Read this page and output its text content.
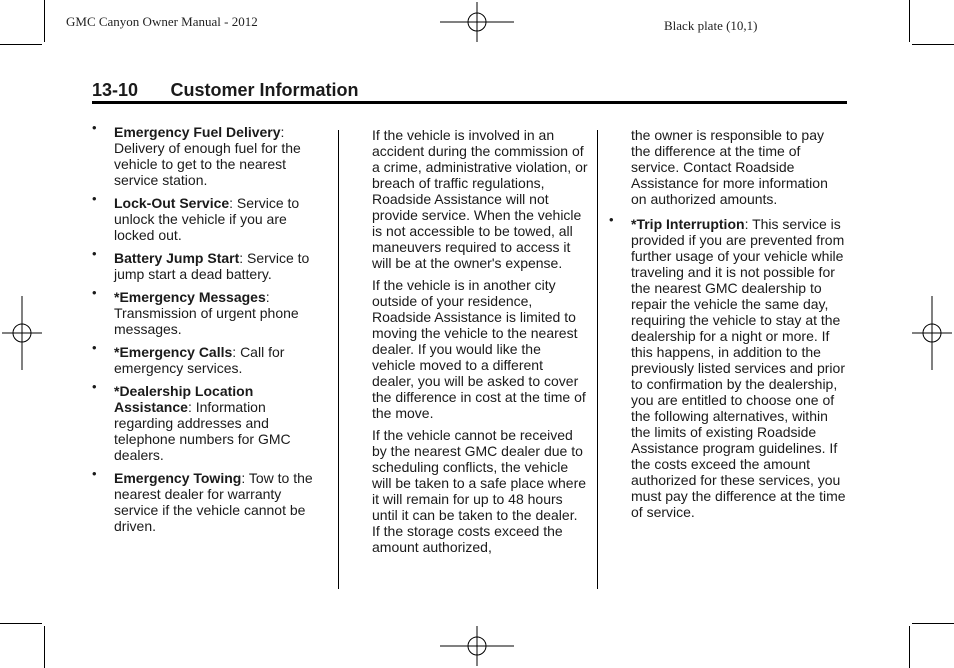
GMC Canyon Owner Manual - 2012	Black plate (10,1)
13-10 Customer Information
• Emergency Fuel Delivery: Delivery of enough fuel for the vehicle to get to the nearest service station.
• Lock-Out Service: Service to unlock the vehicle if you are locked out.
• Battery Jump Start: Service to jump start a dead battery.
• *Emergency Messages: Transmission of urgent phone messages.
• *Emergency Calls: Call for emergency services.
• *Dealership Location Assistance: Information regarding addresses and telephone numbers for GMC dealers.
• Emergency Towing: Tow to the nearest dealer for warranty service if the vehicle cannot be driven.

If the vehicle is involved in an accident during the commission of a crime, administrative violation, or breach of traffic regulations, Roadside Assistance will not provide service. When the vehicle is not accessible to be towed, all maneuvers required to access it will be at the owner's expense.

If the vehicle is in another city outside of your residence, Roadside Assistance is limited to moving the vehicle to the nearest dealer. If you would like the vehicle moved to a different dealer, you will be asked to cover the difference in cost at the time of the move.

If the vehicle cannot be received by the nearest GMC dealer due to scheduling conflicts, the vehicle will be taken to a safe place where it will remain for up to 48 hours until it can be taken to the dealer. If the storage costs exceed the amount authorized,

the owner is responsible to pay the difference at the time of service. Contact Roadside Assistance for more information on authorized amounts.

• *Trip Interruption: This service is provided if you are prevented from further usage of your vehicle while traveling and it is not possible for the nearest GMC dealership to repair the vehicle the same day, requiring the vehicle to stay at the dealership for a night or more. If this happens, in addition to the previously listed services and prior to confirmation by the dealership, you are entitled to choose one of the following alternatives, within the limits of existing Roadside Assistance program guidelines. If the costs exceed the amount authorized for these services, you must pay the difference at the time of service.
